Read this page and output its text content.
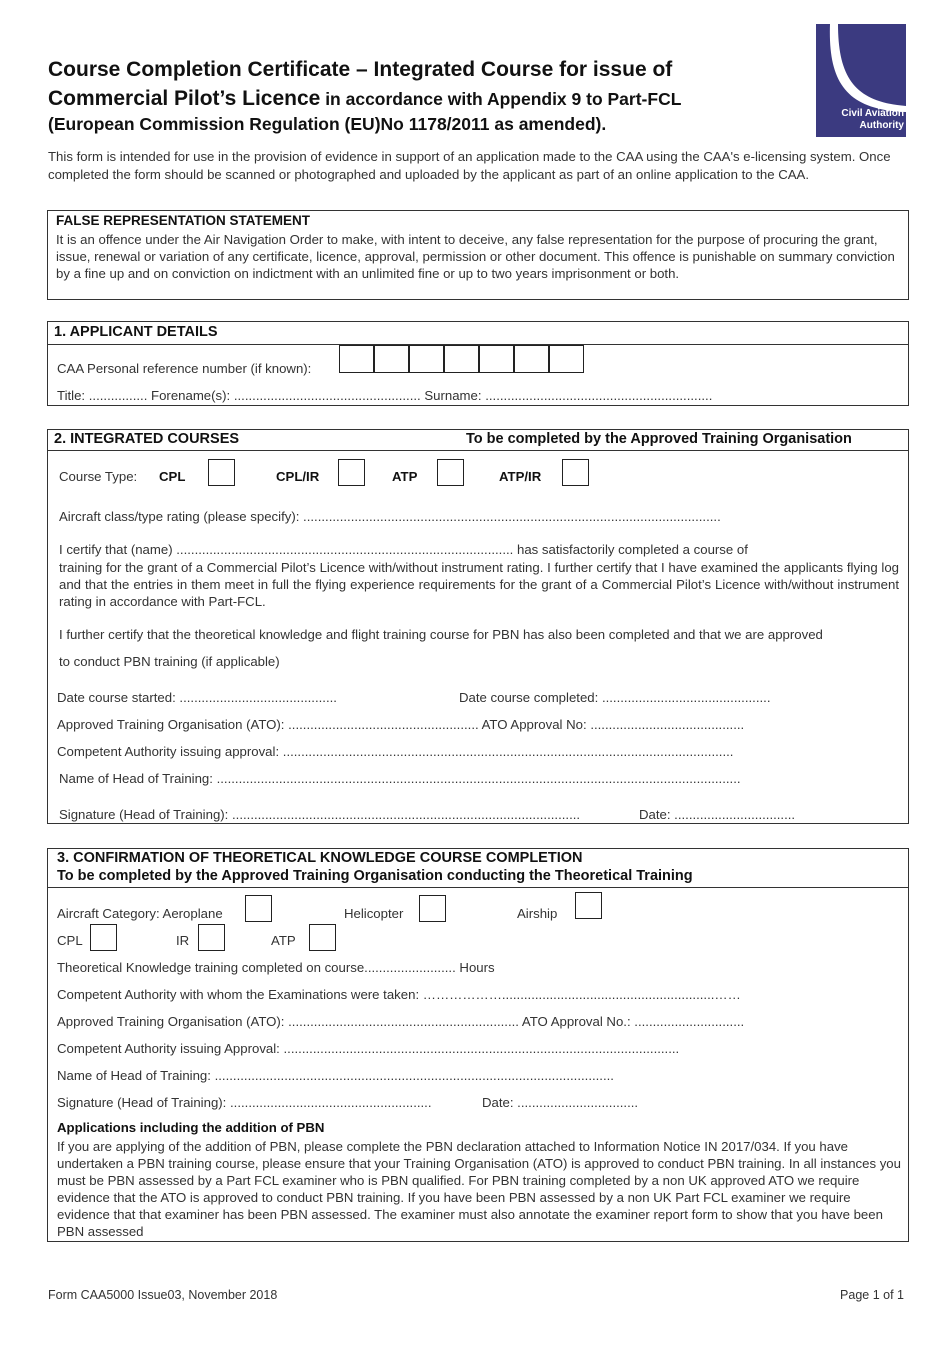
Course Completion Certificate – Integrated Course for issue of
Commercial Pilot’s Licence in accordance with Appendix 9 to Part-FCL
(European Commission Regulation (EU)No 1178/2011 as amended).
Civil Aviation
Authority
This form is intended for use in the provision of evidence in support of an application made to the CAA using the CAA's e-licensing system. Once completed the form should be scanned or photographed and uploaded by the applicant as part of an online application to the CAA.
FALSE REPRESENTATION STATEMENT
It is an offence under the Air Navigation Order to make, with intent to deceive, any false representation for the purpose of procuring the grant, issue, renewal or variation of any certificate, licence, approval, permission or other document. This offence is punishable on summary conviction by a fine up and on conviction on indictment with an unlimited fine or up to two years imprisonment or both.
1. APPLICANT DETAILS
CAA Personal reference number (if known):
Title: ................ Forename(s): ................................................... Surname: ..............................................................
2. INTEGRATED COURSES	To be completed by the Approved Training Organisation
Course Type: CPL	CPL/IR	ATP	ATP/IR
Aircraft class/type rating (please specify): ..................................................................................................................
I certify that (name) ............................................................................................ has satisfactorily completed a course of
training for the grant of a Commercial Pilot’s Licence with/without instrument rating. I further certify that I have examined the applicants flying log and that the entries in them meet in full the flying experience requirements for the grant of a Commercial Pilot’s Licence with/without instrument rating in accordance with Part-FCL.
I further certify that the theoretical knowledge and flight training course for PBN has also been completed and that we are approved
to conduct PBN training (if applicable)
Date course started: ...........................................	Date course completed: ..............................................
Approved Training Organisation (ATO): .................................................... ATO Approval No: ..........................................
Competent Authority issuing approval: ...........................................................................................................................
Name of Head of Training: ...............................................................................................................................................
Signature (Head of Training): ...............................................................................................	Date: .................................
3. CONFIRMATION OF THEORETICAL KNOWLEDGE COURSE COMPLETION
To be completed by the Approved Training Organisation conducting the Theoretical Training
Aircraft Category: Aeroplane	Helicopter	Airship
CPL	IR	ATP
Theoretical Knowledge training completed on course......................... Hours
Competent Authority with whom the Examinations were taken: ………………..........................................................……
Approved Training Organisation (ATO): ............................................................... ATO Approval No.: ..............................
Competent Authority issuing Approval: ............................................................................................................
Name of Head of Training: .............................................................................................................
Signature (Head of Training): .......................................................	Date: .................................
Applications including the addition of PBN
If you are applying of the addition of PBN, please complete the PBN declaration attached to Information Notice IN 2017/034. If you have undertaken a PBN training course, please ensure that your Training Organisation (ATO) is approved to conduct PBN training. In all instances you must be PBN assessed by a Part FCL examiner who is PBN qualified. For PBN training completed by a non UK approved ATO we require evidence that the ATO is approved to conduct PBN training. If you have been PBN assessed by a non UK Part FCL examiner we require evidence that that examiner has been PBN assessed. The examiner must also annotate the examiner report form to show that you have been PBN assessed
Form CAA5000 Issue03, November 2018	Page 1 of 1
